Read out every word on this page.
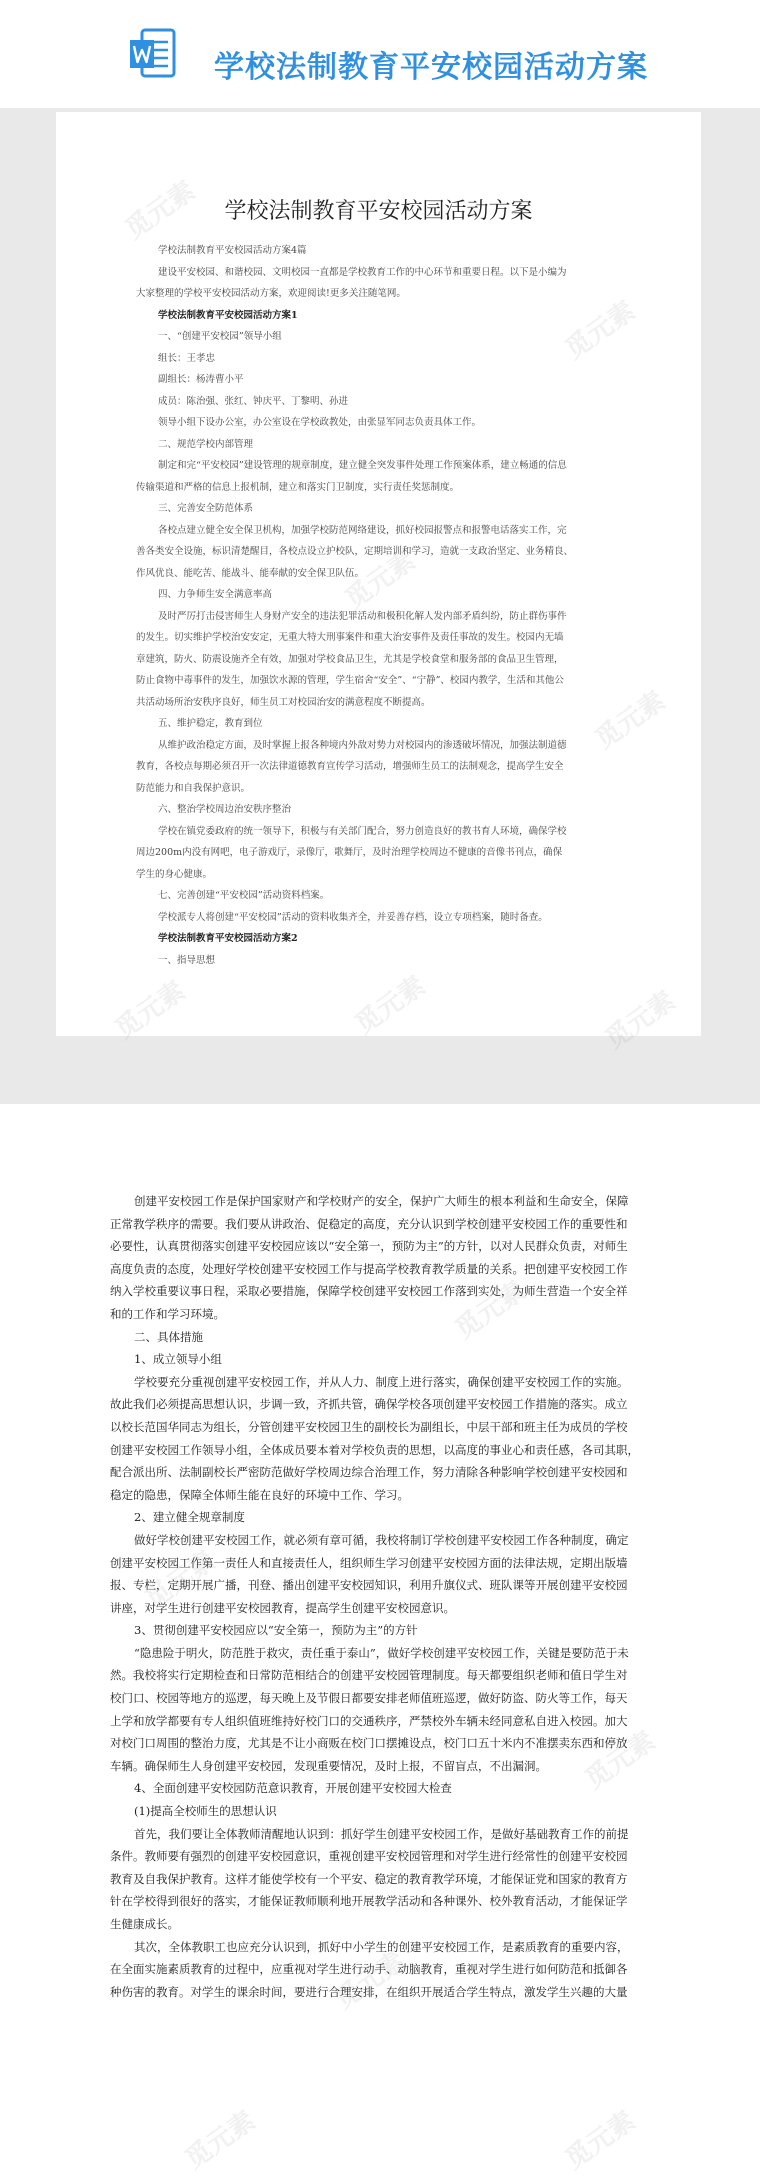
学校法制教育平安校园活动方案
学校法制教育平安校园活动方案
学校法制教育平安校园活动方案4篇
建设平安校园、和谐校园、文明校园一直都是学校教育工作的中心环节和重要日程。以下是小编为
大家整理的学校平安校园活动方案，欢迎阅读!更多关注随笔网。
学校法制教育平安校园活动方案1
一、“创建平安校园”领导小组
组长：王孝忠
副组长：杨涛曹小平
成员：陈治强、张红、钟庆平、丁黎明、孙进
领导小组下设办公室，办公室设在学校政教处，由张显军同志负责具体工作。
二、规范学校内部管理
制定和完“平安校园”建设管理的规章制度，建立健全突发事件处理工作预案体系，建立畅通的信息
传输渠道和严格的信息上报机制，建立和落实门卫制度，实行责任奖惩制度。
三、完善安全防范体系
各校点建立健全安全保卫机构，加强学校防范网络建设，抓好校园报警点和报警电话落实工作，完
善各类安全设施，标识清楚醒目，各校点设立护校队，定期培训和学习，造就一支政治坚定、业务精良、
作风优良、能吃苦、能战斗、能奉献的安全保卫队伍。
四、力争师生安全满意率高
及时严厉打击侵害师生人身财产安全的违法犯罪活动和极积化解人发内部矛盾纠纷，防止群伤事件
的发生。切实维护学校治安安定，无重大特大刑事案件和重大治安事件及责任事故的发生。校园内无墙
章建筑，防火、防震设施齐全有效，加强对学校食品卫生，尤其是学校食堂和服务部的食品卫生管理，
防止食物中毒事件的发生，加强饮水源的管理，学生宿舍“安全”、“宁静”、校园内教学，生活和其他公
共活动场所治安秩序良好，师生员工对校园治安的满意程度不断提高。
五、维护稳定，教育到位
从维护政治稳定方面，及时掌握上报各种境内外敌对势力对校园内的渗透破坏情况，加强法制道德
教育，各校点每期必须召开一次法律道德教育宣传学习活动，增强师生员工的法制观念，提高学生安全
防范能力和自我保护意识。
六、整治学校周边治安秩序整治
学校在镇党委政府的统一领导下，积极与有关部门配合，努力创造良好的教书育人环境，确保学校
周边200m内没有网吧，电子游戏厅，录像厅，歌舞厅，及时治理学校周边不健康的音像书刊点，确保
学生的身心健康。
七、完善创建“平安校园”活动资料档案。
学校派专人将创建“平安校园”活动的资料收集齐全，并妥善存档，设立专项档案，随时备查。
学校法制教育平安校园活动方案2
一、指导思想
创建平安校园工作是保护国家财产和学校财产的安全，保护广大师生的根本利益和生命安全，保障
正常教学秩序的需要。我们要从讲政治、促稳定的高度，充分认识到学校创建平安校园工作的重要性和
必要性，认真贯彻落实创建平安校园应该以“安全第一，预防为主”的方针，以对人民群众负责，对师生
高度负责的态度，处理好学校创建平安校园工作与提高学校教育教学质量的关系。把创建平安校园工作
纳入学校重要议事日程，采取必要措施，保障学校创建平安校园工作落到实处，为师生营造一个安全祥
和的工作和学习环境。
二、具体措施
1、成立领导小组
学校要充分重视创建平安校园工作，并从人力、制度上进行落实，确保创建平安校园工作的实施。
故此我们必须提高思想认识，步调一致，齐抓共管，确保学校各项创建平安校园工作措施的落实。成立
以校长范国华同志为组长，分管创建平安校园卫生的副校长为副组长，中层干部和班主任为成员的学校
创建平安校园工作领导小组，全体成员要本着对学校负责的思想，以高度的事业心和责任感，各司其职，
配合派出所、法制副校长严密防范做好学校周边综合治理工作，努力清除各种影响学校创建平安校园和
稳定的隐患，保障全体师生能在良好的环境中工作、学习。
2、建立健全规章制度
做好学校创建平安校园工作，就必须有章可循，我校将制订学校创建平安校园工作各种制度，确定
创建平安校园工作第一责任人和直接责任人，组织师生学习创建平安校园方面的法律法规，定期出版墙
报、专栏，定期开展广播，刊登、播出创建平安校园知识，利用升旗仪式、班队课等开展创建平安校园
讲座，对学生进行创建平安校园教育，提高学生创建平安校园意识。
3、贯彻创建平安校园应以“安全第一，预防为主”的方针
“隐患险于明火，防范胜于救灾，责任重于泰山”，做好学校创建平安校园工作，关键是要防范于未
然。我校将实行定期检查和日常防范相结合的创建平安校园管理制度。每天都要组织老师和值日学生对
校门口、校园等地方的巡逻，每天晚上及节假日都要安排老师值班巡逻，做好防盗、防火等工作，每天
上学和放学都要有专人组织值班维持好校门口的交通秩序，严禁校外车辆未经同意私自进入校园。加大
对校门口周围的整治力度，尤其是不让小商贩在校门口摆摊设点，校门口五十米内不准摆卖东西和停放
车辆。确保师生人身创建平安校园，发现重要情况，及时上报，不留盲点，不出漏洞。
4、全面创建平安校园防范意识教育，开展创建平安校园大检查
(1)提高全校师生的思想认识
首先，我们要让全体教师清醒地认识到：抓好学生创建平安校园工作，是做好基础教育工作的前提
条件。教师要有强烈的创建平安校园意识，重视创建平安校园管理和对学生进行经常性的创建平安校园
教育及自我保护教育。这样才能使学校有一个平安、稳定的教育教学环境，才能保证党和国家的教育方
针在学校得到很好的落实，才能保证教师顺利地开展教学活动和各种课外、校外教育活动，才能保证学
生健康成长。
其次，全体教职工也应充分认识到，抓好中小学生的创建平安校园工作，是素质教育的重要内容，
在全面实施素质教育的过程中，应重视对学生进行动手、动脑教育，重视对学生进行如何防范和抵御各
种伤害的教育。对学生的课余时间，要进行合理安排，在组织开展适合学生特点，激发学生兴趣的大量
觅元素
觅元素
觅元素
觅元素
觅元素	觅元素
